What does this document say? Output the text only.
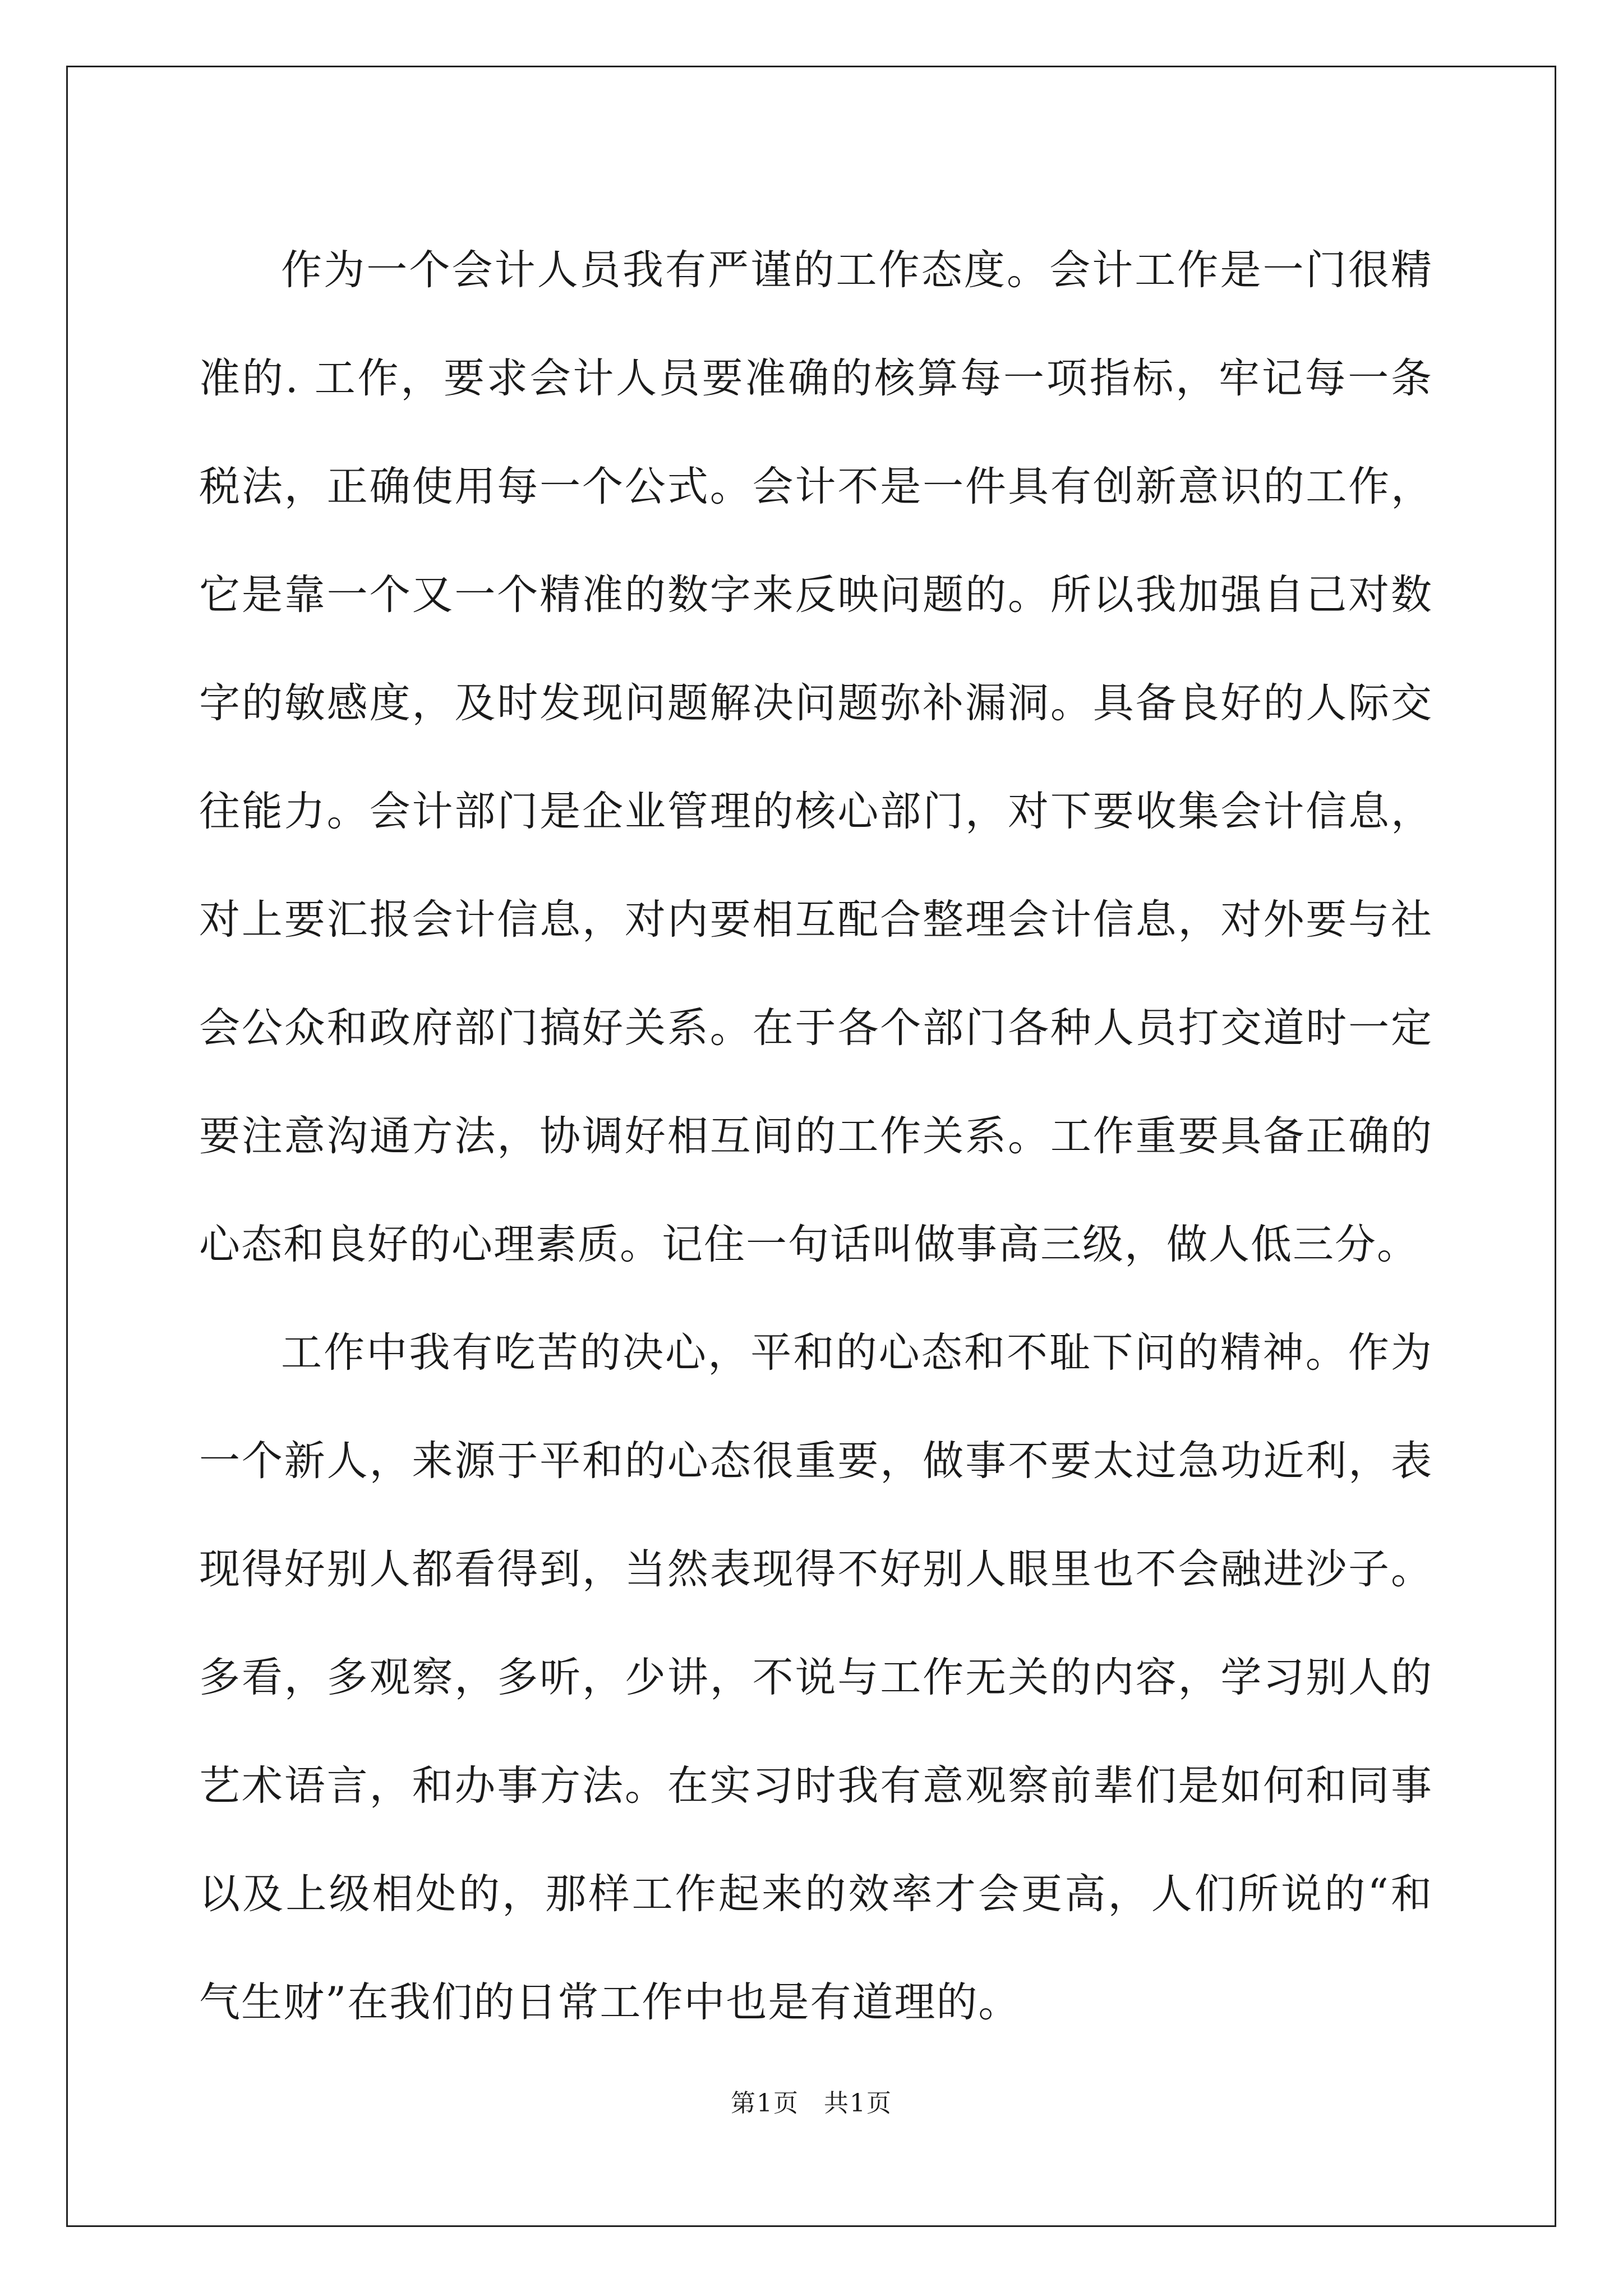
作为一个会计人员我有严谨的工作态度。会计工作是一门很精准的. 工作，要求会计人员要准确的核算每一项指标，牢记每一条税法，正确使用每一个公式。会计不是一件具有创新意识的工作，它是靠一个又一个精准的数字来反映问题的。所以我加强自己对数字的敏感度，及时发现问题解决问题弥补漏洞。具备良好的人际交往能力。会计部门是企业管理的核心部门，对下要收集会计信息，对上要汇报会计信息，对内要相互配合整理会计信息，对外要与社会公众和政府部门搞好关系。在于各个部门各种人员打交道时一定要注意沟通方法，协调好相互间的工作关系。工作重要具备正确的心态和良好的心理素质。记住一句话叫做事高三级，做人低三分。

工作中我有吃苦的决心，平和的心态和不耻下问的精神。作为一个新人，来源于平和的心态很重要，做事不要太过急功近利，表现得好别人都看得到，当然表现得不好别人眼里也不会融进沙子。多看，多观察，多听，少讲，不说与工作无关的内容，学习别人的艺术语言，和办事方法。在实习时我有意观察前辈们是如何和同事以及上级相处的，那样工作起来的效率才会更高，人们所说的“和气生财”在我们的日常工作中也是有道理的。

第1页 共1页
